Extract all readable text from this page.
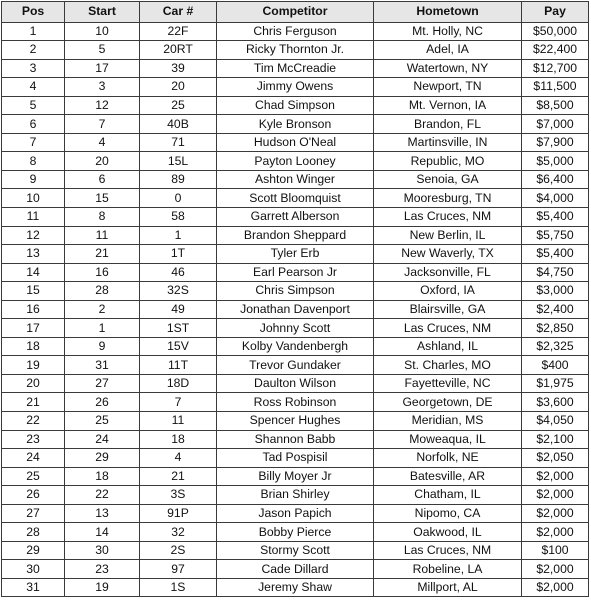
Pos	Start	Car #	Competitor	Hometown	Pay
1	10	22F	Chris Ferguson	Mt. Holly, NC	$50,000
2	5	20RT	Ricky Thornton Jr.	Adel, IA	$22,400
3	17	39	Tim McCreadie	Watertown, NY	$12,700
4	3	20	Jimmy Owens	Newport, TN	$11,500
5	12	25	Chad Simpson	Mt. Vernon, IA	$8,500
6	7	40B	Kyle Bronson	Brandon, FL	$7,000
7	4	71	Hudson O'Neal	Martinsville, IN	$7,900
8	20	15L	Payton Looney	Republic, MO	$5,000
9	6	89	Ashton Winger	Senoia, GA	$6,400
10	15	0	Scott Bloomquist	Mooresburg, TN	$4,000
11	8	58	Garrett Alberson	Las Cruces, NM	$5,400
12	11	1	Brandon Sheppard	New Berlin, IL	$5,750
13	21	1T	Tyler Erb	New Waverly, TX	$5,400
14	16	46	Earl Pearson Jr	Jacksonville, FL	$4,750
15	28	32S	Chris Simpson	Oxford, IA	$3,000
16	2	49	Jonathan Davenport	Blairsville, GA	$2,400
17	1	1ST	Johnny Scott	Las Cruces, NM	$2,850
18	9	15V	Kolby Vandenbergh	Ashland, IL	$2,325
19	31	11T	Trevor Gundaker	St. Charles, MO	$400
20	27	18D	Daulton Wilson	Fayetteville, NC	$1,975
21	26	7	Ross Robinson	Georgetown, DE	$3,600
22	25	11	Spencer Hughes	Meridian, MS	$4,050
23	24	18	Shannon Babb	Moweaqua, IL	$2,100
24	29	4	Tad Pospisil	Norfolk, NE	$2,050
25	18	21	Billy Moyer Jr	Batesville, AR	$2,000
26	22	3S	Brian Shirley	Chatham, IL	$2,000
27	13	91P	Jason Papich	Nipomo, CA	$2,000
28	14	32	Bobby Pierce	Oakwood, IL	$2,000
29	30	2S	Stormy Scott	Las Cruces, NM	$100
30	23	97	Cade Dillard	Robeline, LA	$2,000
31	19	1S	Jeremy Shaw	Millport, AL	$2,000
